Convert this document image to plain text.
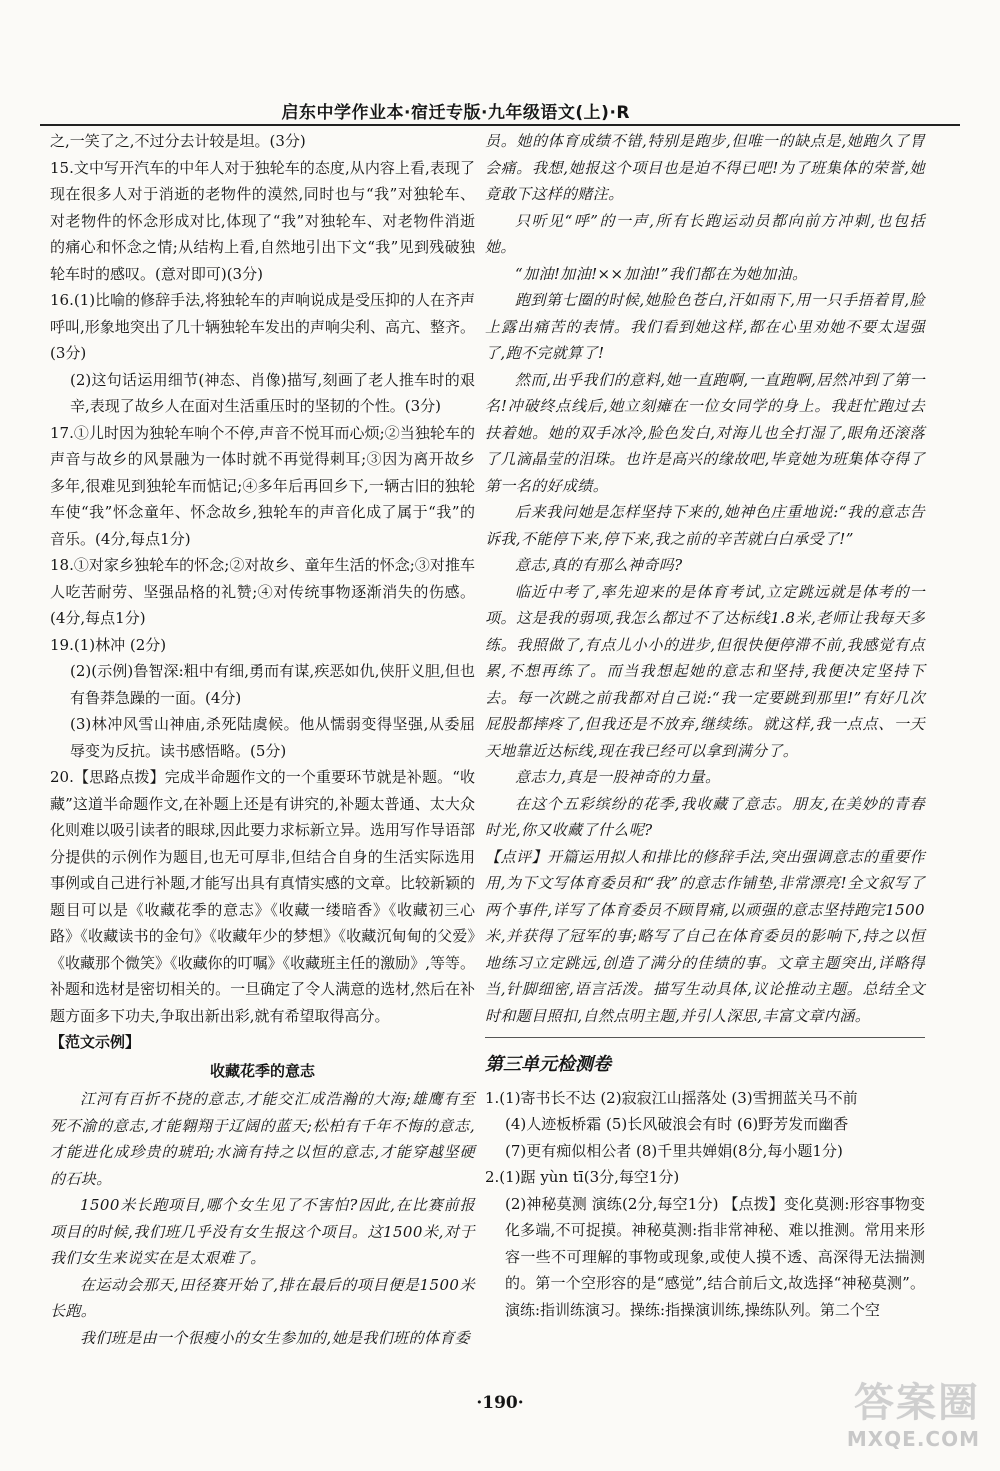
启东中学作业本·宿迁专版·九年级语文(上)·R

之,一笑了之,不过分去计较是坦。(3分)

15.文中写开汽车的中年人对于独轮车的态度,从内容上看,表现了现在很多人对于消逝的老物件的漠然,同时也与“我”对独轮车、对老物件的怀念形成对比,体现了“我”对独轮车、对老物件消逝的痛心和怀念之情;从结构上看,自然地引出下文“我”见到残破独轮车时的感叹。(意对即可)(3分)

16.(1)比喻的修辞手法,将独轮车的声响说成是受压抑的人在齐声呼叫,形象地突出了几十辆独轮车发出的声响尖利、高亢、整齐。(3分)

(2)这句话运用细节(神态、肖像)描写,刻画了老人推车时的艰辛,表现了故乡人在面对生活重压时的坚韧的个性。(3分)

17.①儿时因为独轮车响个不停,声音不悦耳而心烦;②当独轮车的声音与故乡的风景融为一体时就不再觉得刺耳;③因为离开故乡多年,很难见到独轮车而惦记;④多年后再回乡下,一辆古旧的独轮车使“我”怀念童年、怀念故乡,独轮车的声音化成了属于“我”的音乐。(4分,每点1分)

18.①对家乡独轮车的怀念;②对故乡、童年生活的怀念;③对推车人吃苦耐劳、坚强品格的礼赞;④对传统事物逐渐消失的伤感。(4分,每点1分)

19.(1)林冲 (2分)

(2)(示例)鲁智深:粗中有细,勇而有谋,疾恶如仇,侠肝义胆,但也有鲁莽急躁的一面。(4分)

(3)林冲风雪山神庙,杀死陆虞候。他从懦弱变得坚强,从委屈辱变为反抗。读书感悟略。(5分)

20.【思路点拨】完成半命题作文的一个重要环节就是补题。“收藏”这道半命题作文,在补题上还是有讲究的,补题太普通、太大众化则难以吸引读者的眼球,因此要力求标新立异。选用写作导语部分提供的示例作为题目,也无可厚非,但结合自身的生活实际选用事例或自己进行补题,才能写出具有真情实感的文章。比较新颖的题目可以是《收藏花季的意志》《收藏一缕暗香》《收藏初三心路》《收藏读书的金句》《收藏年少的梦想》《收藏沉甸甸的父爱》《收藏那个微笑》《收藏你的叮嘱》《收藏班主任的激励》,等等。补题和选材是密切相关的。一旦确定了令人满意的选材,然后在补题方面多下功夫,争取出新出彩,就有希望取得高分。

【范文示例】

收藏花季的意志

江河有百折不挠的意志,才能交汇成浩瀚的大海;雄鹰有至死不渝的意志,才能翱翔于辽阔的蓝天;松柏有千年不悔的意志,才能进化成珍贵的琥珀;水滴有持之以恒的意志,才能穿越坚硬的石块。

1500米长跑项目,哪个女生见了不害怕?因此,在比赛前报项目的时候,我们班几乎没有女生报这个项目。这1500米,对于我们女生来说实在是太艰难了。

在运动会那天,田径赛开始了,排在最后的项目便是1500米长跑。

我们班是由一个很瘦小的女生参加的,她是我们班的体育委

员。她的体育成绩不错,特别是跑步,但唯一的缺点是,她跑久了胃会痛。我想,她报这个项目也是迫不得已吧!为了班集体的荣誉,她竟敢下这样的赌注。

只听见“呼”的一声,所有长跑运动员都向前方冲刺,也包括她。

“加油!加油!××加油!”我们都在为她加油。

跑到第七圈的时候,她脸色苍白,汗如雨下,用一只手捂着胃,脸上露出痛苦的表情。我们看到她这样,都在心里劝她不要太逞强了,跑不完就算了!

然而,出乎我们的意料,她一直跑啊,一直跑啊,居然冲到了第一名!冲破终点线后,她立刻瘫在一位女同学的身上。我赶忙跑过去扶着她。她的双手冰冷,脸色发白,对海儿也全打湿了,眼角还滚落了几滴晶莹的泪珠。也许是高兴的缘故吧,毕竟她为班集体夺得了第一名的好成绩。

后来我问她是怎样坚持下来的,她神色庄重地说:“我的意志告诉我,不能停下来,停下来,我之前的辛苦就白白承受了!”

意志,真的有那么神奇吗?

临近中考了,率先迎来的是体育考试,立定跳远就是体考的一项。这是我的弱项,我怎么都过不了达标线1.8米,老师让我每天多练。我照做了,有点儿小小的进步,但很快便停滞不前,我感觉有点累,不想再练了。而当我想起她的意志和坚持,我便决定坚持下去。每一次跳之前我都对自己说:“我一定要跳到那里!”有好几次屁股都摔疼了,但我还是不放弃,继续练。就这样,我一点点、一天天地靠近达标线,现在我已经可以拿到满分了。

意志力,真是一股神奇的力量。

在这个五彩缤纷的花季,我收藏了意志。朋友,在美妙的青春时光,你又收藏了什么呢?

【点评】开篇运用拟人和排比的修辞手法,突出强调意志的重要作用,为下文写体育委员和“我”的意志作铺垫,非常漂亮!全文叙写了两个事件,详写了体育委员不顾胃痛,以顽强的意志坚持跑完1500米,并获得了冠军的事;略写了自己在体育委员的影响下,持之以恒地练习立定跳远,创造了满分的佳绩的事。文章主题突出,详略得当,针脚细密,语言活泼。描写生动具体,议论推动主题。总结全文时和题目照扣,自然点明主题,并引人深思,丰富文章内涵。

第三单元检测卷

1.(1)寄书长不达 (2)寂寂江山摇落处 (3)雪拥蓝关马不前

(4)人迹板桥霜 (5)长风破浪会有时 (6)野芳发而幽香

(7)更有痴似相公者 (8)千里共婵娟(8分,每小题1分)

2.(1)踞 yùn tī(3分,每空1分)

(2)神秘莫测 演练(2分,每空1分) 【点拨】变化莫测:形容事物变化多端,不可捉摸。神秘莫测:指非常神秘、难以推测。常用来形容一些不可理解的事物或现象,或使人摸不透、高深得无法揣测的。第一个空形容的是“感觉”,结合前后文,故选择“神秘莫测”。演练:指训练演习。操练:指操演训练,操练队列。第二个空

·190·	答案圈
MXQE.COM
